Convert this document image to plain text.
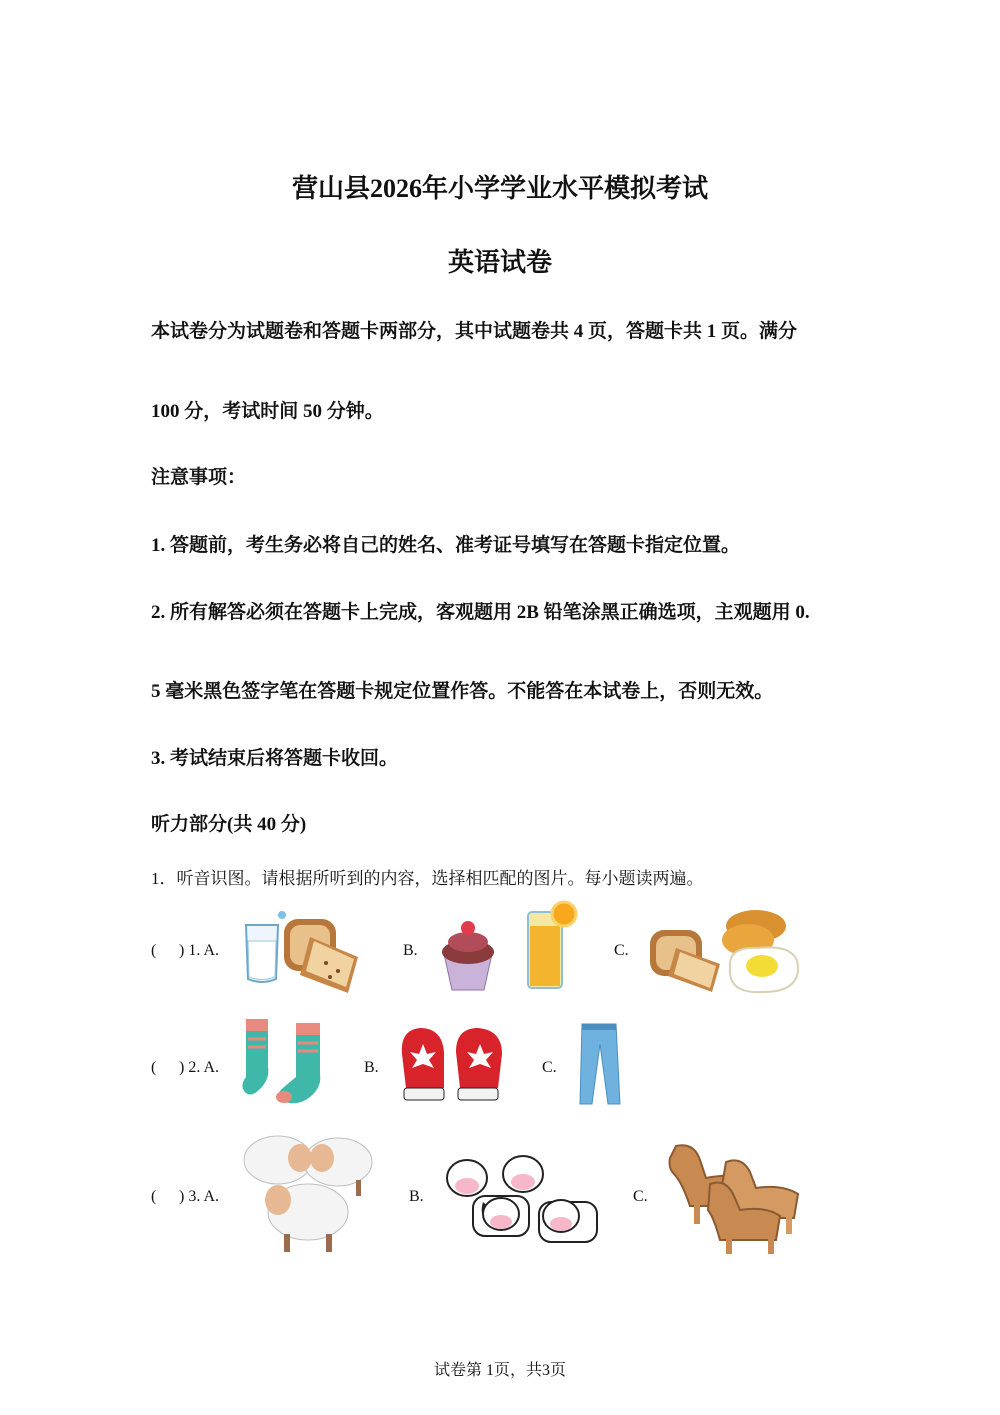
营山县2026年小学学业水平模拟考试
英语试卷
本试卷分为试题卷和答题卡两部分，其中试题卷共 4 页，答题卡共 1 页。满分
100 分，考试时间 50 分钟。
注意事项：
1. 答题前，考生务必将自己的姓名、准考证号填写在答题卡指定位置。
2. 所有解答必须在答题卡上完成，客观题用 2B 铅笔涂黑正确选项，主观题用 0.
5 毫米黑色签字笔在答题卡规定位置作答。不能答在本试卷上，否则无效。
3. 考试结束后将答题卡收回。
听力部分(共 40 分)
1．听音识图。请根据所听到的内容，选择相匹配的图片。每小题读两遍。
( ) 1. A.	B.	C.
( ) 2. A.	B.	C.
( ) 3. A.	B.	C.
试卷第 1页，共3页
